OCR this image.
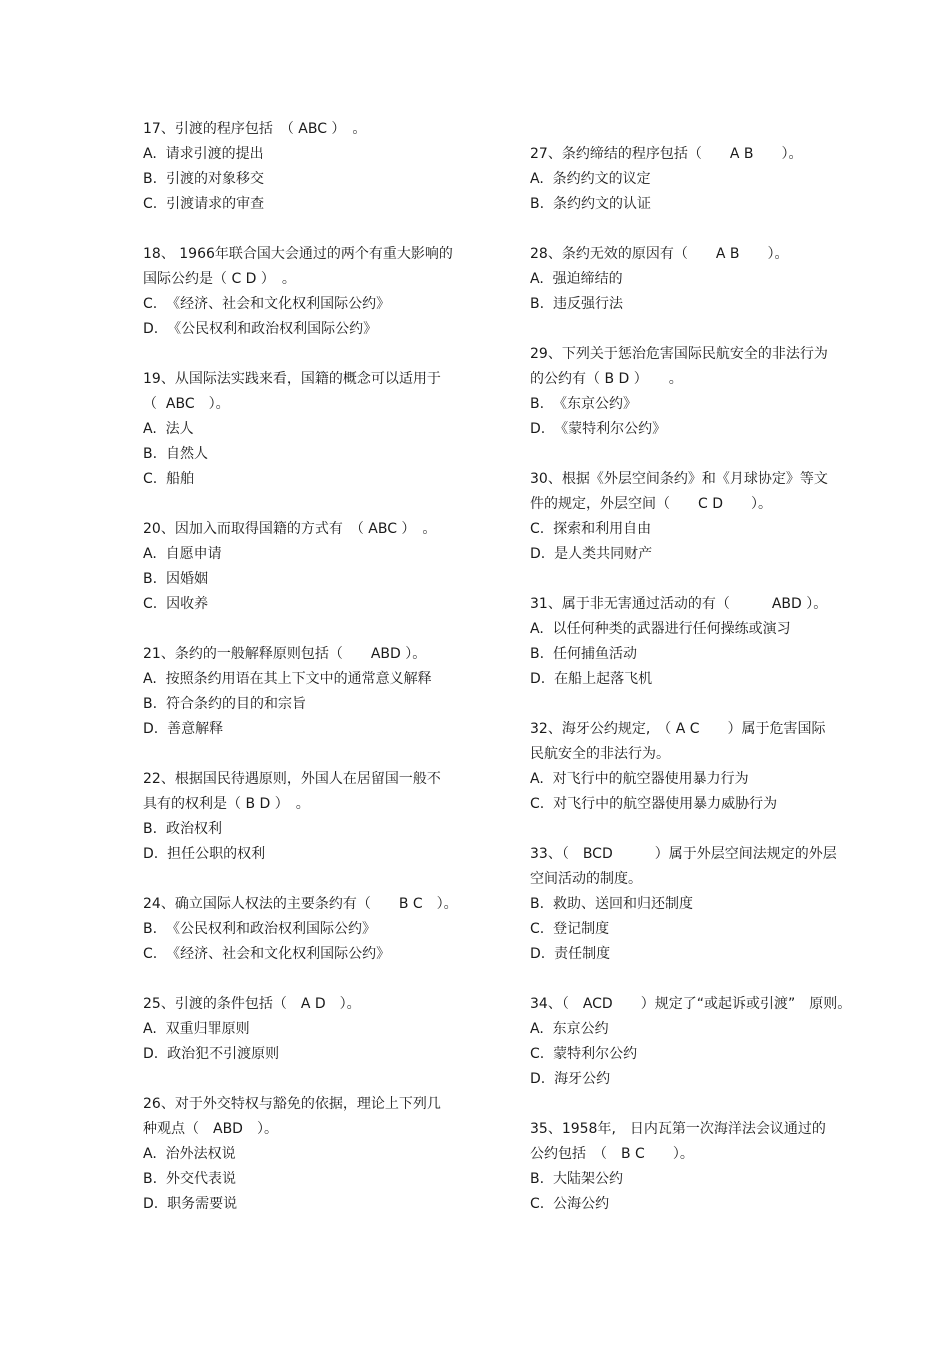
17、引渡的程序包括　（ ABC ）　。
A.  请求引渡的提出
B.  引渡的对象移交
C.  引渡请求的审查
18、 1966年联合国大会通过的两个有重大影响的
国际公约是（ C D ）　。
C.  《经济、社会和文化权利国际公约》
D.  《公民权利和政治权利国际公约》
19、从国际法实践来看，国籍的概念可以适用于
（  ABC　）。
A.  法人
B.  自然人
C.  船舶
20、因加入而取得国籍的方式有　（ ABC ）　。
A.  自愿申请
B.  因婚姻
C.  因收养
21、条约的一般解释原则包括（　　ABD ）。
A.  按照条约用语在其上下文中的通常意义解释
B.  符合条约的目的和宗旨
D.  善意解释
22、根据国民待遇原则，外国人在居留国一般不
具有的权利是（ B D ）　。
B.  政治权利
D.  担任公职的权利
24、确立国际人权法的主要条约有（　　B C　）。
B.  《公民权利和政治权利国际公约》
C.  《经济、社会和文化权利国际公约》
25、引渡的条件包括（　A D　）。
A.  双重归罪原则
D.  政治犯不引渡原则
26、对于外交特权与豁免的依据，理论上下列几
种观点（　ABD　）。
A.  治外法权说
B.  外交代表说
D.  职务需要说
27、条约缔结的程序包括（　　A B　　）。
A.  条约约文的议定
B.  条约约文的认证
28、条约无效的原因有（　　A B　　）。
A.  强迫缔结的
B.  违反强行法
29、下列关于惩治危害国际民航安全的非法行为
的公约有（ B D ）　　。
B.  《东京公约》
D.  《蒙特利尔公约》
30、根据《外层空间条约》和《月球协定》等文
件的规定，外层空间（　　C D　　）。
C.  探索和利用自由
D.  是人类共同财产
31、属于非无害通过活动的有（　　　ABD ）。
A.  以任何种类的武器进行任何操练或演习
B.  任何捕鱼活动
D.  在船上起落飞机
32、海牙公约规定,　（ A C　　）属于危害国际
民航安全的非法行为。
A.  对飞行中的航空器使用暴力行为
C.  对飞行中的航空器使用暴力威胁行为
33、（　BCD　　　）属于外层空间法规定的外层
空间活动的制度。
B.  救助、送回和归还制度
C.  登记制度
D.  责任制度
34、（　ACD　　）规定了“或起诉或引渡”　原则。
A.  东京公约
C.  蒙特利尔公约
D.  海牙公约
35、1958年,　日内瓦第一次海洋法会议通过的
公约包括　（　B C　　）。
B.  大陆架公约
C.  公海公约
